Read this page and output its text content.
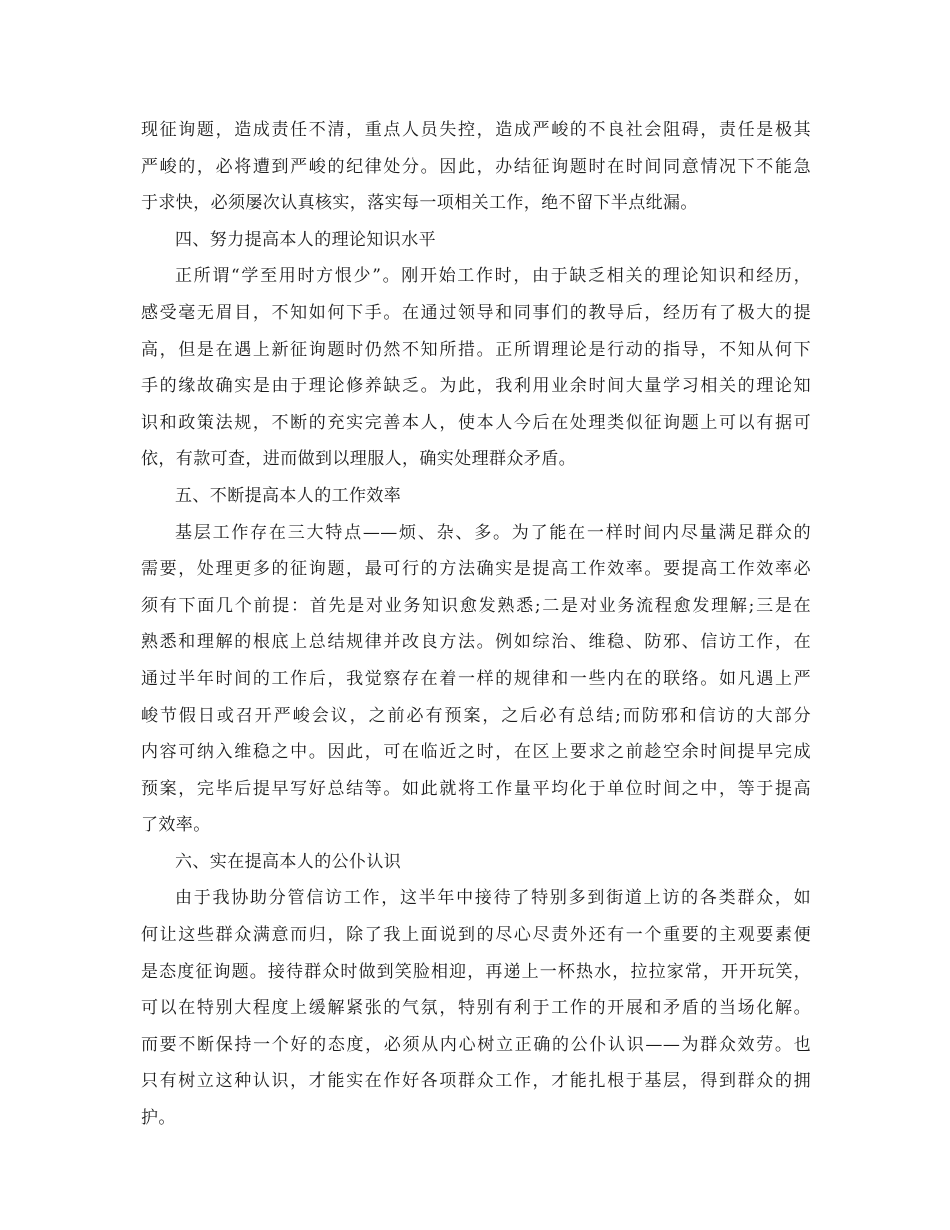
现征询题，造成责任不清，重点人员失控，造成严峻的不良社会阻碍，责任是极其
严峻的，必将遭到严峻的纪律处分。因此，办结征询题时在时间同意情况下不能急
于求快，必须屡次认真核实，落实每一项相关工作，绝不留下半点纰漏。
四、努力提高本人的理论知识水平
正所谓“学至用时方恨少”。刚开始工作时，由于缺乏相关的理论知识和经历，
感受毫无眉目，不知如何下手。在通过领导和同事们的教导后，经历有了极大的提
高，但是在遇上新征询题时仍然不知所措。正所谓理论是行动的指导，不知从何下
手的缘故确实是由于理论修养缺乏。为此，我利用业余时间大量学习相关的理论知
识和政策法规，不断的充实完善本人，使本人今后在处理类似征询题上可以有据可
依，有款可查，进而做到以理服人，确实处理群众矛盾。
五、不断提高本人的工作效率
基层工作存在三大特点——烦、杂、多。为了能在一样时间内尽量满足群众的
需要，处理更多的征询题，最可行的方法确实是提高工作效率。要提高工作效率必
须有下面几个前提：首先是对业务知识愈发熟悉;二是对业务流程愈发理解;三是在
熟悉和理解的根底上总结规律并改良方法。例如综治、维稳、防邪、信访工作，在
通过半年时间的工作后，我觉察存在着一样的规律和一些内在的联络。如凡遇上严
峻节假日或召开严峻会议，之前必有预案，之后必有总结;而防邪和信访的大部分
内容可纳入维稳之中。因此，可在临近之时，在区上要求之前趁空余时间提早完成
预案，完毕后提早写好总结等。如此就将工作量平均化于单位时间之中，等于提高
了效率。
六、实在提高本人的公仆认识
由于我协助分管信访工作，这半年中接待了特别多到街道上访的各类群众，如
何让这些群众满意而归，除了我上面说到的尽心尽责外还有一个重要的主观要素便
是态度征询题。接待群众时做到笑脸相迎，再递上一杯热水，拉拉家常，开开玩笑，
可以在特别大程度上缓解紧张的气氛，特别有利于工作的开展和矛盾的当场化解。
而要不断保持一个好的态度，必须从内心树立正确的公仆认识——为群众效劳。也
只有树立这种认识，才能实在作好各项群众工作，才能扎根于基层，得到群众的拥
护。
